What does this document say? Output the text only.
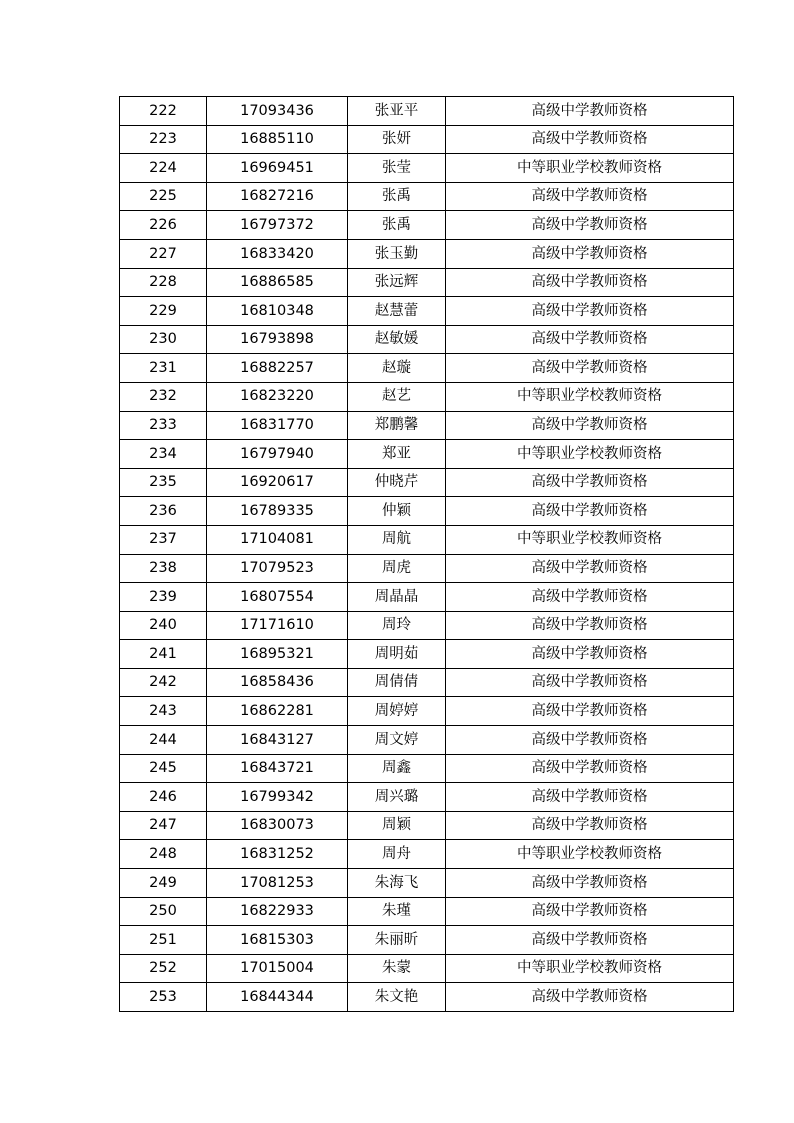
222	17093436	张亚平	高级中学教师资格
223	16885110	张妍	高级中学教师资格
224	16969451	张莹	中等职业学校教师资格
225	16827216	张禹	高级中学教师资格
226	16797372	张禹	高级中学教师资格
227	16833420	张玉勤	高级中学教师资格
228	16886585	张远辉	高级中学教师资格
229	16810348	赵慧蕾	高级中学教师资格
230	16793898	赵敏媛	高级中学教师资格
231	16882257	赵璇	高级中学教师资格
232	16823220	赵艺	中等职业学校教师资格
233	16831770	郑鹏馨	高级中学教师资格
234	16797940	郑亚	中等职业学校教师资格
235	16920617	仲晓芹	高级中学教师资格
236	16789335	仲颖	高级中学教师资格
237	17104081	周航	中等职业学校教师资格
238	17079523	周虎	高级中学教师资格
239	16807554	周晶晶	高级中学教师资格
240	17171610	周玲	高级中学教师资格
241	16895321	周明茹	高级中学教师资格
242	16858436	周倩倩	高级中学教师资格
243	16862281	周婷婷	高级中学教师资格
244	16843127	周文婷	高级中学教师资格
245	16843721	周鑫	高级中学教师资格
246	16799342	周兴璐	高级中学教师资格
247	16830073	周颖	高级中学教师资格
248	16831252	周舟	中等职业学校教师资格
249	17081253	朱海飞	高级中学教师资格
250	16822933	朱瑾	高级中学教师资格
251	16815303	朱丽昕	高级中学教师资格
252	17015004	朱蒙	中等职业学校教师资格
253	16844344	朱文艳	高级中学教师资格
